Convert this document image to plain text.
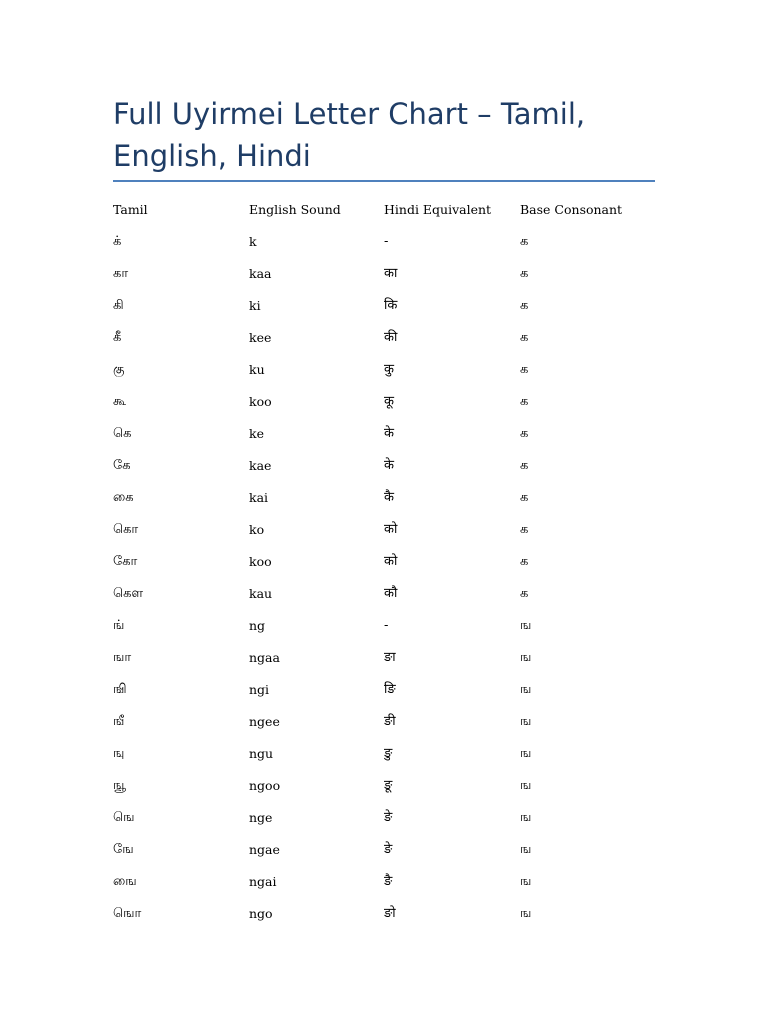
Full Uyirmei Letter Chart – Tamil, English, Hindi
Tamil	English Sound	Hindi Equivalent	Base Consonant
க்	k	-	க
கா	kaa	का	க
கி	ki	कि	க
கீ	kee	की	க
கு	ku	कु	க
கூ	koo	कू	க
கெ	ke	के	க
கே	kae	के	க
கை	kai	कै	க
கொ	ko	को	க
கோ	koo	को	க
கௌ	kau	कौ	க
ங்	ng	-	ங
ஙா	ngaa	ङा	ங
ஙி	ngi	ङि	ங
ஙீ	ngee	ङी	ங
ஙு	ngu	ङु	ங
ஙூ	ngoo	ङू	ங
ஙெ	nge	ङे	ங
ஙே	ngae	ङे	ங
ஙை	ngai	ङै	ங
ஙொ	ngo	ङो	ங
